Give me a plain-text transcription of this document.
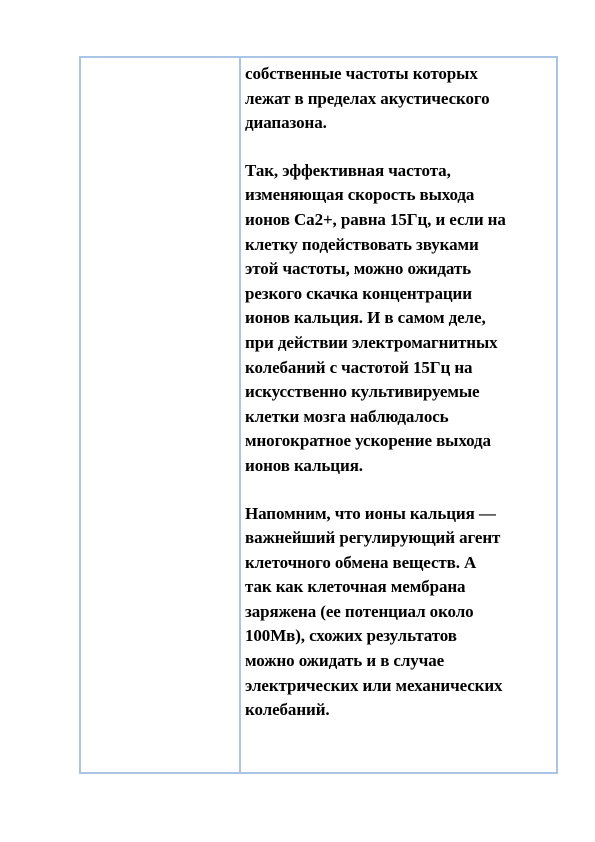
собственные частоты которых
лежат в пределах акустического
диапазона.

Так, эффективная частота,
изменяющая скорость выхода
ионов Са2+, равна 15Гц, и если на
клетку подействовать звуками
этой частоты, можно ожидать
резкого скачка концентрации
ионов кальция. И в самом деле,
при действии электромагнитных
колебаний с частотой 15Гц на
искусственно культивируемые
клетки мозга наблюдалось
многократное ускорение выхода
ионов кальция.

Напомним, что ионы кальция —
важнейший регулирующий агент
клеточного обмена веществ. А
так как клеточная мембрана
заряжена (ее потенциал около
100Мв), схожих результатов
можно ожидать и в случае
электрических или механических
колебаний.
